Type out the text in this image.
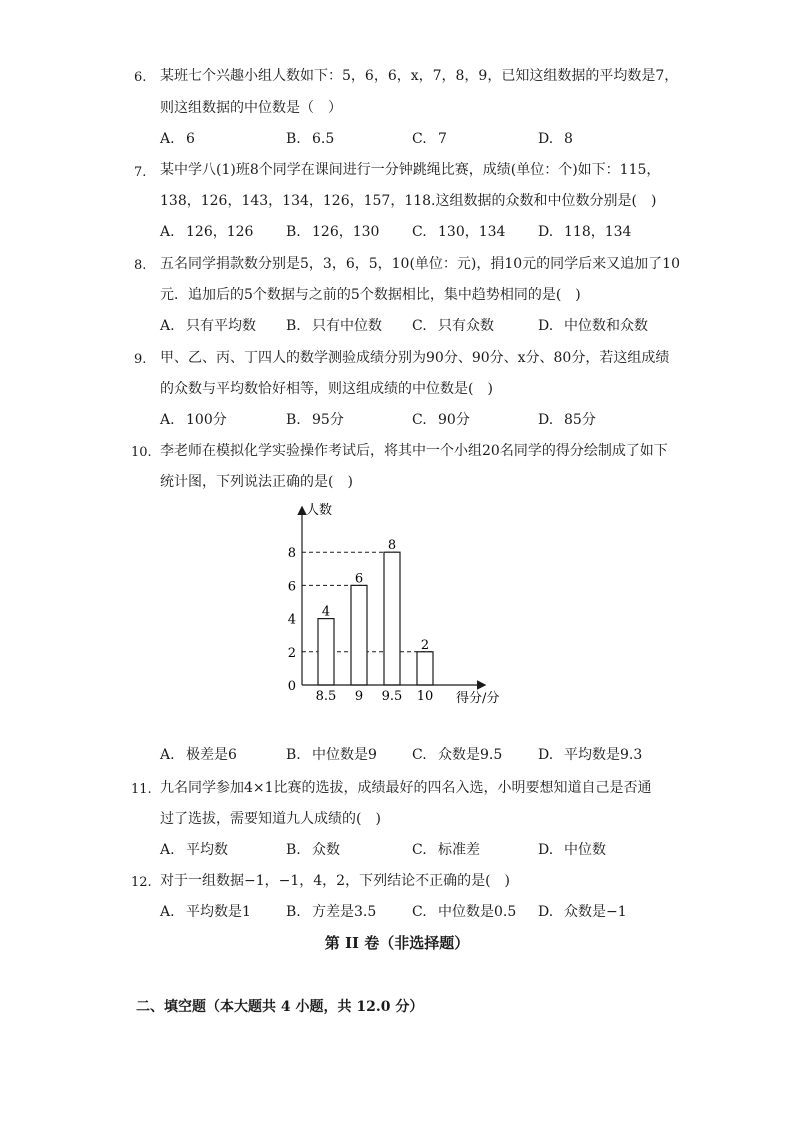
6. 某班七个兴趣小组人数如下：5，6，6，x，7，8，9，已知这组数据的平均数是7，
则这组数据的中位数是（　）
A. 6	B. 6.5	C. 7	D. 8
7. 某中学八(1)班8个同学在课间进行一分钟跳绳比赛，成绩(单位：个)如下：115，
138，126，143，134，126，157，118.这组数据的众数和中位数分别是(　)
A. 126，126 B. 126，130 C. 130，134 D. 118，134
8. 五名同学捐款数分别是5，3，6，5，10(单位：元)，捐10元的同学后来又追加了10
元．追加后的5个数据与之前的5个数据相比，集中趋势相同的是(　)
A. 只有平均数 B. 只有中位数 C. 只有众数	D. 中位数和众数
9. 甲、乙、丙、丁四人的数学测验成绩分别为90分、90分、x分、80分，若这组成绩
的众数与平均数恰好相等，则这组成绩的中位数是(　)
A. 100分	B. 95分	C. 90分	D. 85分
10. 李老师在模拟化学实验操作考试后，将其中一个小组20名同学的得分绘制成了如下
统计图，下列说法正确的是(　)
4
8.5
6
9
8
9.5
2
10
0
2
4
6
8
人数
得分/分
A. 极差是6	B. 中位数是9	C. 众数是9.5	D. 平均数是9.3
11. 九名同学参加4×1比赛的选拔，成绩最好的四名入选，小明要想知道自己是否通
过了选拔，需要知道九人成绩的(　)
A. 平均数	B. 众数	C. 标准差	D. 中位数
12. 对于一组数据−1，−1，4，2，下列结论不正确的是(　)
A. 平均数是1	B. 方差是3.5	C. 中位数是0.5 D. 众数是−1
第 II 卷（非选择题）
二、填空题（本大题共 4 小题，共 12.0 分）
